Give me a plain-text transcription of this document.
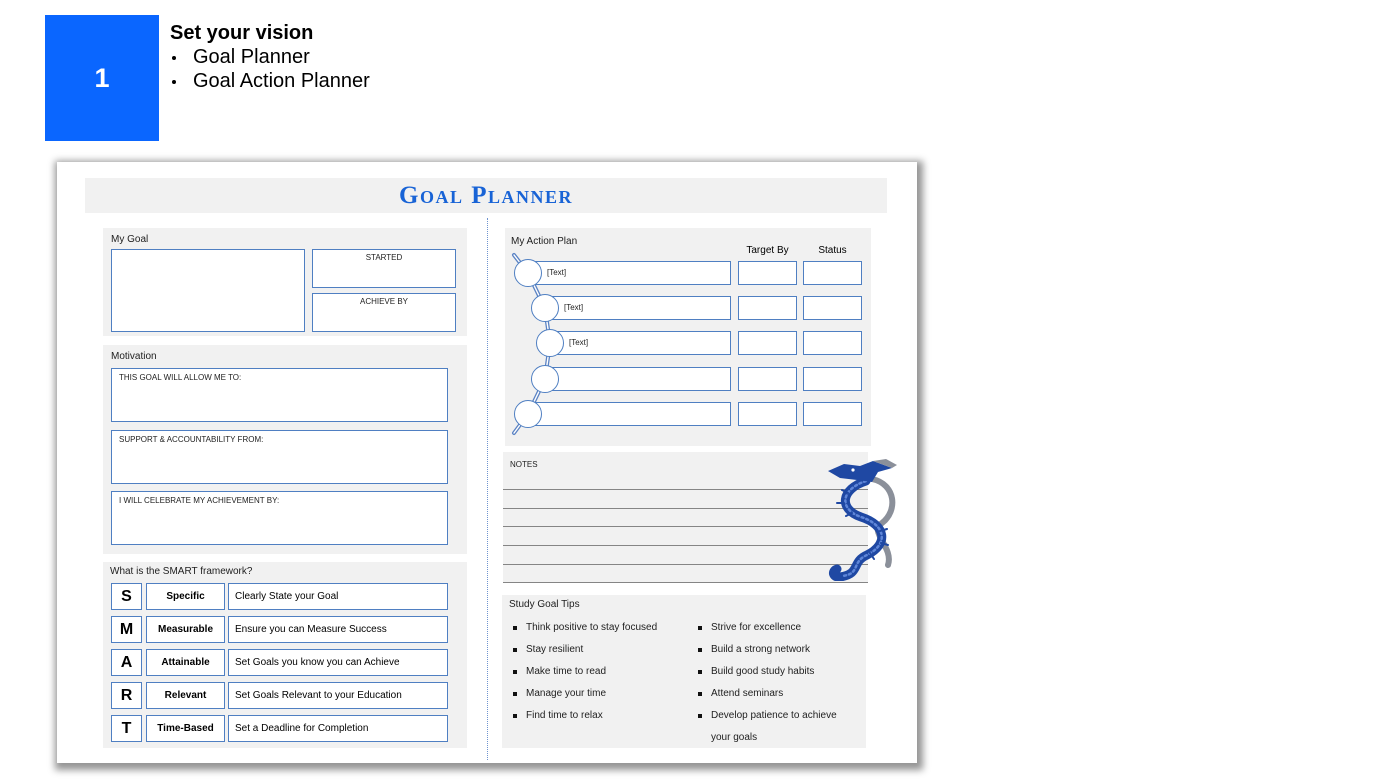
1
Set your vision
Goal Planner
Goal Action Planner
Goal Planner
My Goal
STARTED
ACHIEVE BY
Motivation
THIS GOAL WILL ALLOW ME TO:
SUPPORT & ACCOUNTABILITY FROM:
I WILL CELEBRATE MY ACHIEVEMENT BY:
What is the SMART framework?
S	Specific	Clearly State your Goal
M	Measurable	Ensure you can Measure Success
A	Attainable	Set Goals you know you can Achieve
R	Relevant	Set Goals Relevant to your Education
T	Time-Based	Set a Deadline for Completion
My Action Plan
Target By	Status
[Text]
[Text]
[Text]
NOTES
Study Goal Tips
Think positive to stay focused
Stay resilient
Make time to read
Manage your time
Find time to relax
Strive for excellence
Build a strong network
Build good study habits
Attend seminars
Develop patience to achieve your goals
